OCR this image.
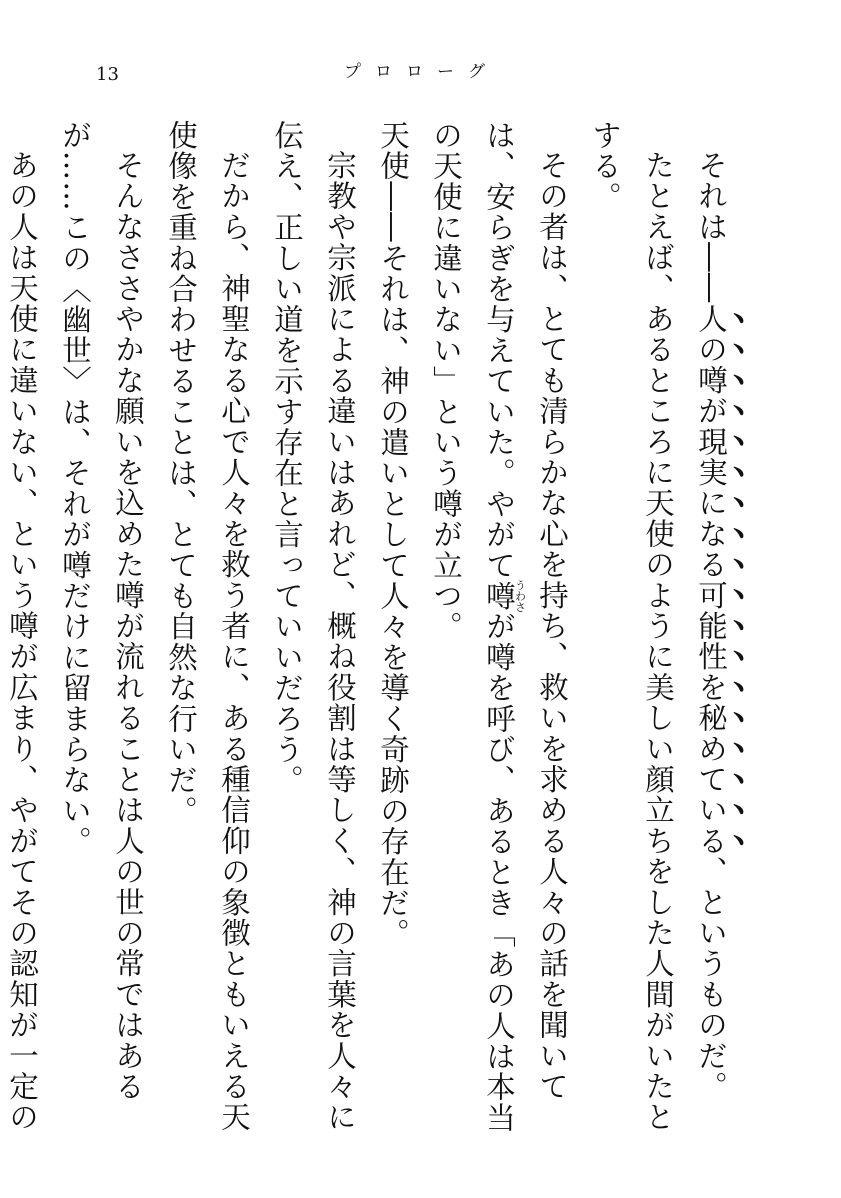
13	プロローグ

それは――人の噂が現実になる可能性を秘めている、というものだ。

たとえば、あるところに天使のように美しい顔立ちをした人間がいたとする。

その者は、とても清らかな心を持ち、救いを求める人々の話を聞いては、安らぎを与えていた。やがて噂うわさが噂を呼び、あるとき「あの人は本当の天使に違いない」という噂が立つ。

天使――それは、神の遣いとして人々を導く奇跡の存在だ。

宗教や宗派による違いはあれど、概ね役割は等しく、神の言葉を人々に伝え、正しい道を示す存在と言っていいだろう。

だから、神聖なる心で人々を救う者に、ある種信仰の象徴ともいえる天使像を重ね合わせることは、とても自然な行いだ。

そんなささやかな願いを込めた噂が流れることは人の世の常ではあるが……この〈幽世〉は、それが噂だけに留まらない。

あの人は天使に違いない、という噂が広まり、やがてその認知が一定の
